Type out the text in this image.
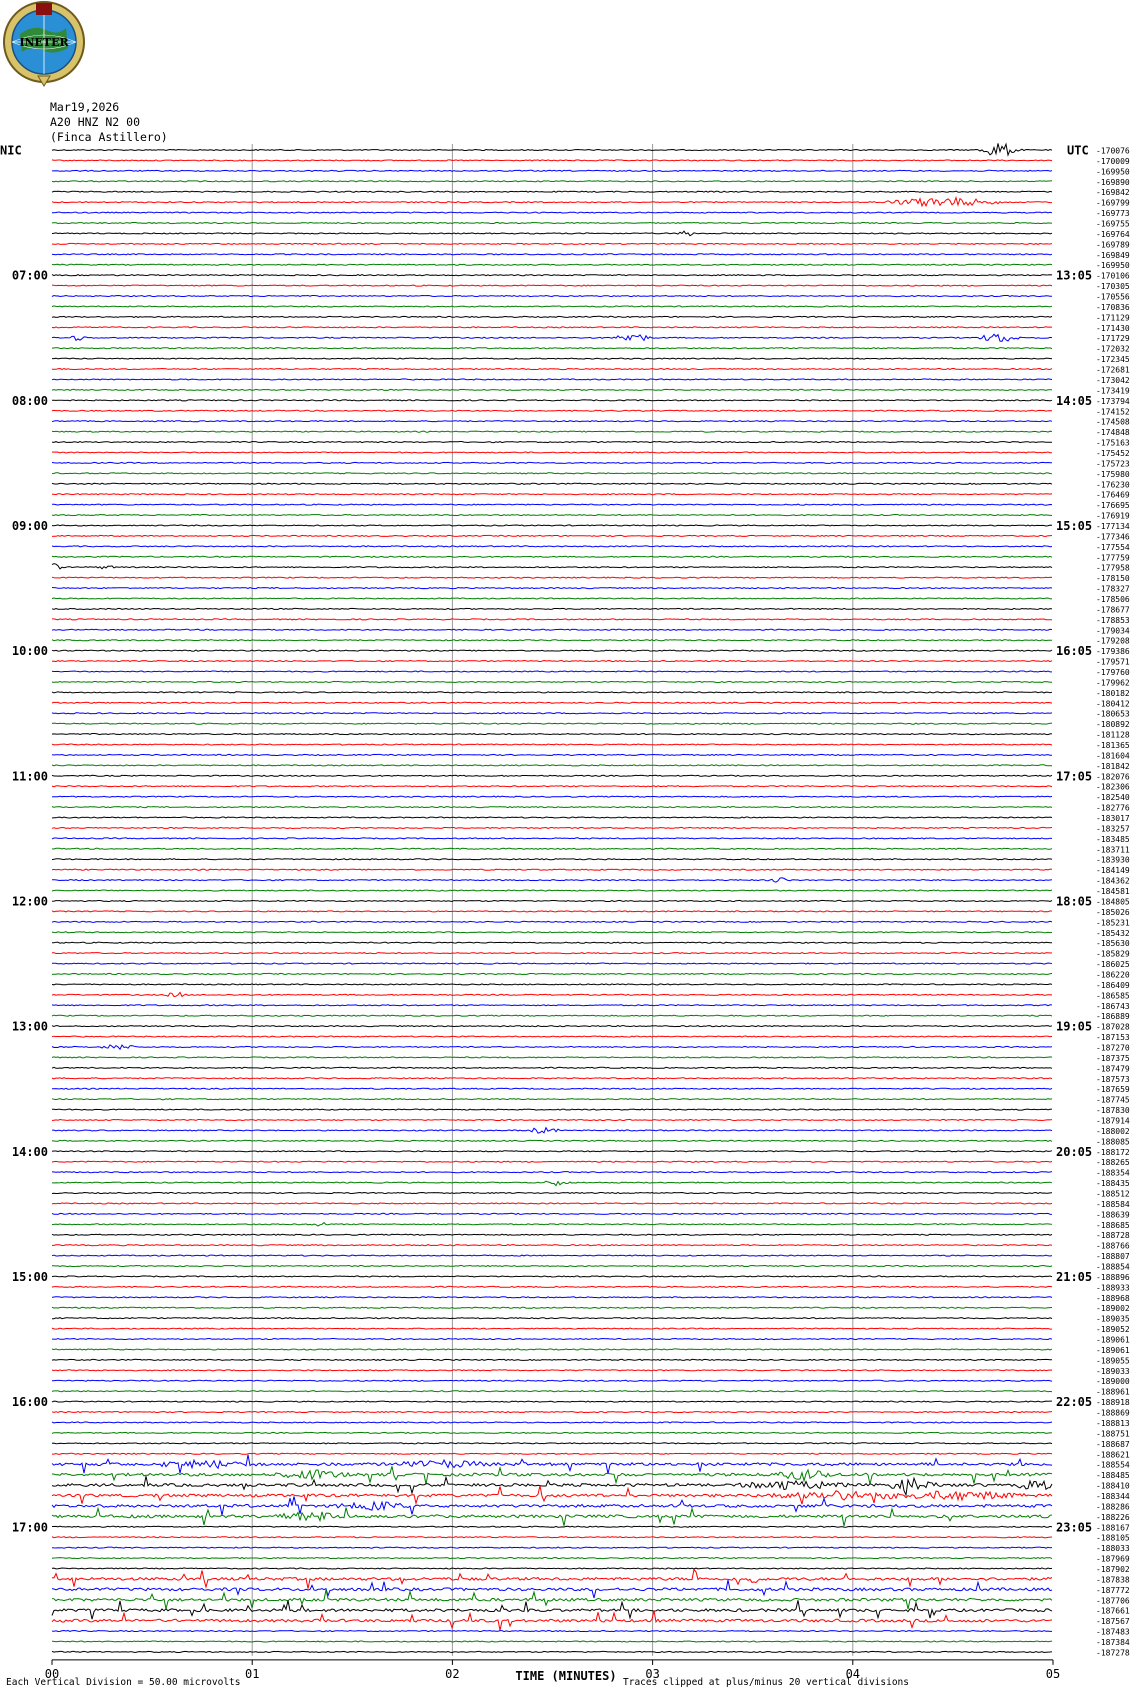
INETER
Mar19,2026
A20 HNZ N2 00
(Finca Astillero)
-170076
-170009
-169950
-169890
-169842
-169799
-169773
-169755
-169764
-169789
-169849
-169950
-170106
-170305
-170556
-170836
-171129
-171430
-171729
-172032
-172345
-172681
-173042
-173419
-173794
-174152
-174508
-174848
-175163
-175452
-175723
-175980
-176230
-176469
-176695
-176919
-177134
-177346
-177554
-177759
-177958
-178150
-178327
-178506
-178677
-178853
-179034
-179208
-179386
-179571
-179760
-179962
-180182
-180412
-180653
-180892
-181128
-181365
-181604
-181842
-182076
-182306
-182540
-182776
-183017
-183257
-183485
-183711
-183930
-184149
-184362
-184581
-184805
-185026
-185231
-185432
-185630
-185829
-186025
-186220
-186409
-186585
-186743
-186889
-187028
-187153
-187270
-187375
-187479
-187573
-187659
-187745
-187830
-187914
-188002
-188085
-188172
-188265
-188354
-188435
-188512
-188584
-188639
-188685
-188728
-188766
-188807
-188854
-188896
-188933
-188968
-189002
-189035
-189052
-189061
-189061
-189055
-189033
-189000
-188961
-188918
-188869
-188813
-188751
-188687
-188621
-188554
-188485
-188410
-188344
-188286
-188226
-188167
-188105
-188033
-187969
-187902
-187838
-187772
-187706
-187661
-187567
-187483
-187384
-187278
07:00
08:00
09:00
10:00
11:00
12:00
13:00
14:00
15:00
16:00
17:00
13:05
14:05
15:05
16:05
17:05
18:05
19:05
20:05
21:05
22:05
23:05
NIC	UTC
00	01	02	03	04	05
TIME (MINUTES)
Each Vertical Division = 50.00 microvolts	Traces clipped at plus/minus 20 vertical divisions
